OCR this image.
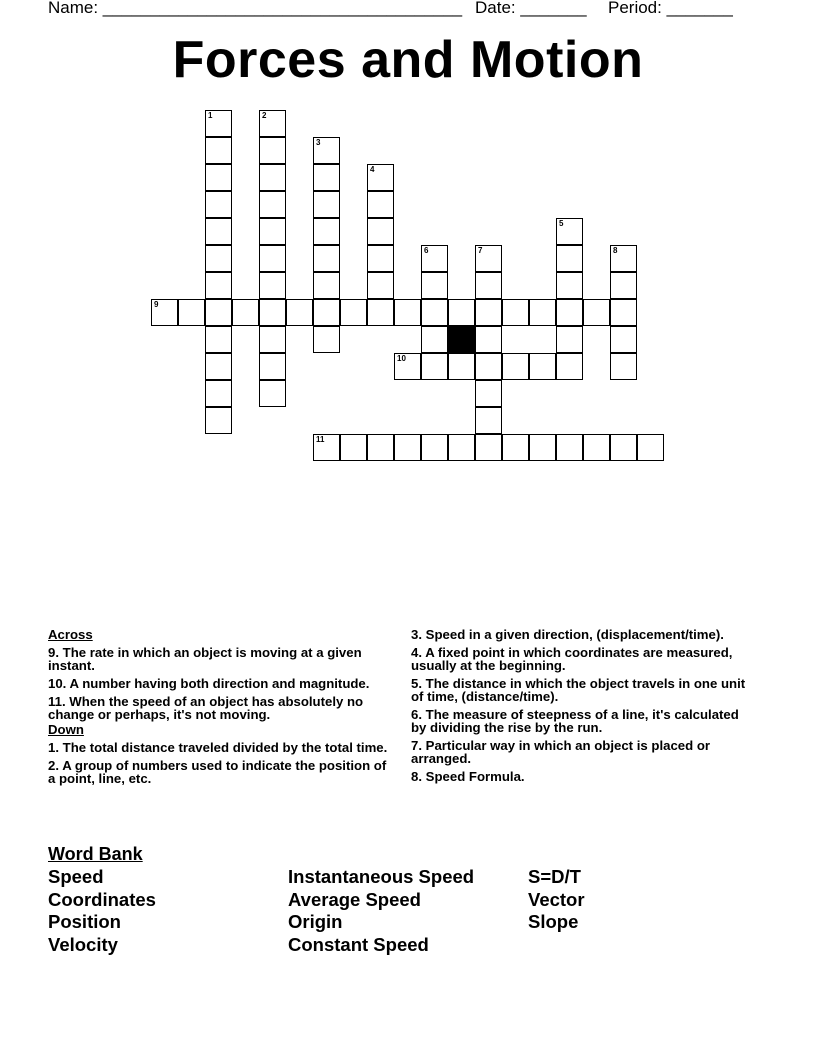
Name: ______________________________________ Date: _______ Period: _______
Forces and Motion
1	2
3
4
5
6	7	8
9
10
11
Across
9. The rate in which an object is moving at a given instant.
10. A number having both direction and magnitude.
11. When the speed of an object has absolutely no change or perhaps, it's not moving.
Down
1. The total distance traveled divided by the total time.
2. A group of numbers used to indicate the position of a point, line, etc.
3. Speed in a given direction, (displacement/time).
4. A fixed point in which coordinates are measured, usually at the beginning.
5. The distance in which the object travels in one unit of time, (distance/time).
6. The measure of steepness of a line, it's calculated by dividing the rise by the run.
7. Particular way in which an object is placed or arranged.
8. Speed Formula.
Word Bank
Speed
Coordinates
Position
Velocity
Instantaneous Speed
Average Speed
Origin
Constant Speed
S=D/T
Vector
Slope
